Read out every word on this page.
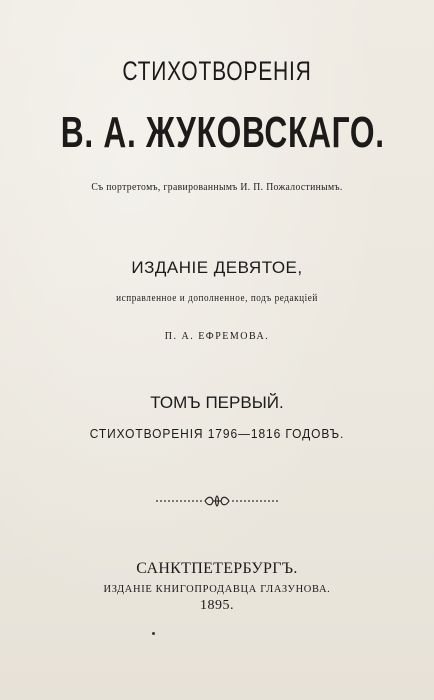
СТИХОТВОРЕНIЯ
В. А. ЖУКОВСКАГО.
Съ портретомъ, гравированнымъ И. П. Пожалостинымъ.
ИЗДАНIЕ ДЕВЯТОЕ,
исправленное и дополненное, подъ редакцiей
П. А. ЕФРЕМОВА.
ТОМЪ ПЕРВЫЙ.
СТИХОТВОРЕНIЯ 1796—1816 ГОДОВЪ.
САНКТПЕТЕРБУРГЪ.
ИЗДАНIЕ КНИГОПРОДАВЦА ГЛАЗУНОВА.
1895.
